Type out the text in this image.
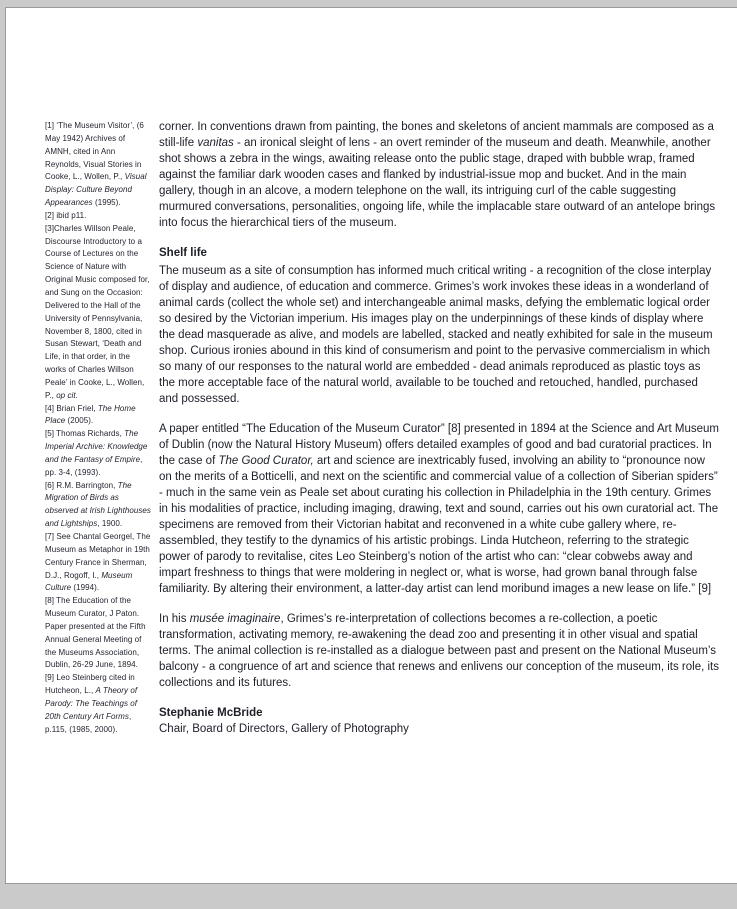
[1] ‘The Museum Visitor’, (6 May 1942) Archives of AMNH, cited in Ann Reynolds, Visual Stories in Cooke, L., Wollen, P., Visual Display: Culture Beyond Appearances (1995).
[2] ibid p11.
[3]Charles Willson Peale, Discourse Introductory to a Course of Lectures on the Science of Nature with Original Music composed for, and Sung on the Occasion: Delivered to the Hall of the University of Pennsylvania, November 8, 1800, cited in Susan Stewart, ‘Death and Life, in that order, in the works of Charles Willson Peale’ in Cooke, L., Wollen, P., op cit.
[4] Brian Friel, The Home Place (2005).
[5] Thomas Richards, The Imperial Archive: Knowledge and the Fantasy of Empire, pp. 3-4, (1993).
[6] R.M. Barrington, The Migration of Birds as observed at Irish Lighthouses and Lightships, 1900.
[7] See Chantal Georgel, The Museum as Metaphor in 19th Century France in Sherman, D.J., Rogoff, I., Museum Culture (1994).
[8] The Education of the Museum Curator, J Paton. Paper presented at the Fifth Annual General Meeting of the Museums Association, Dublin, 26-29 June, 1894.
[9] Leo Steinberg cited in Hutcheon, L., A Theory of Parody: The Teachings of 20th Century Art Forms, p.115, (1985, 2000).

corner. In conventions drawn from painting, the bones and skeletons of ancient mammals are composed as a still-life vanitas - an ironical sleight of lens - an overt reminder of the museum and death. Meanwhile, another shot shows a zebra in the wings, awaiting release onto the public stage, draped with bubble wrap, framed against the familiar dark wooden cases and flanked by industrial-issue mop and bucket. And in the main gallery, though in an alcove, a modern telephone on the wall, its intriguing curl of the cable suggesting murmured conversations, personalities, ongoing life, while the implacable stare outward of an antelope brings into focus the hierarchical tiers of the museum.

Shelf life

The museum as a site of consumption has informed much critical writing - a recognition of the close interplay of display and audience, of education and commerce. Grimes’s work invokes these ideas in a wonderland of animal cards (collect the whole set) and interchangeable animal masks, defying the emblematic logical order so desired by the Victorian imperium. His images play on the underpinnings of these kinds of display where the dead masquerade as alive, and models are labelled, stacked and neatly exhibited for sale in the museum shop. Curious ironies abound in this kind of consumerism and point to the pervasive commercialism in which so many of our responses to the natural world are embedded - dead animals reproduced as plastic toys as the more acceptable face of the natural world, available to be touched and retouched, handled, purchased and possessed.

A paper entitled “The Education of the Museum Curator” [8] presented in 1894 at the Science and Art Museum of Dublin (now the Natural History Museum) offers detailed examples of good and bad curatorial practices. In the case of The Good Curator, art and science are inextricably fused, involving an ability to “pronounce now on the merits of a Botticelli, and next on the scientific and commercial value of a collection of Siberian spiders” - much in the same vein as Peale set about curating his collection in Philadelphia in the 19th century. Grimes in his modalities of practice, including imaging, drawing, text and sound, carries out his own curatorial act. The specimens are removed from their Victorian habitat and reconvened in a white cube gallery where, re-assembled, they testify to the dynamics of his artistic probings. Linda Hutcheon, referring to the strategic power of parody to revitalise, cites Leo Steinberg’s notion of the artist who can: “clear cobwebs away and impart freshness to things that were moldering in neglect or, what is worse, had grown banal through false familiarity. By altering their environment, a latter-day artist can lend moribund images a new lease on life.” [9]

In his musée imaginaire, Grimes’s re-interpretation of collections becomes a re-collection, a poetic transformation, activating memory, re-awakening the dead zoo and presenting it in other visual and spatial terms. The animal collection is re-installed as a dialogue between past and present on the National Museum’s balcony - a congruence of art and science that renews and enlivens our conception of the museum, its role, its collections and its futures.

Stephanie McBride
Chair, Board of Directors, Gallery of Photography
